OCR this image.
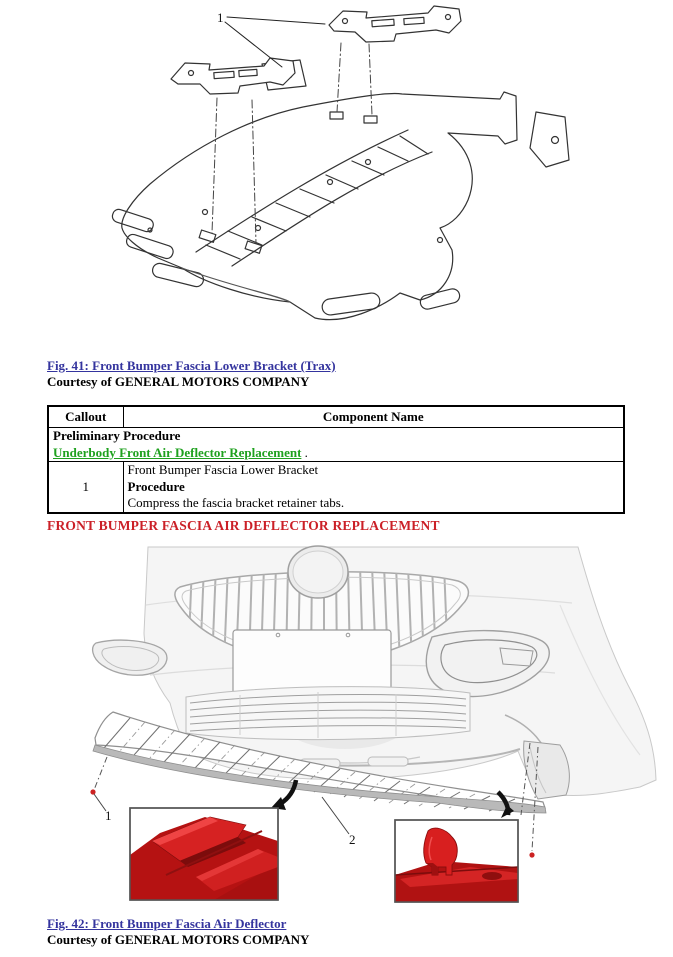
1
Fig. 41: Front Bumper Fascia Lower Bracket (Trax)
Courtesy of GENERAL MOTORS COMPANY
Callout	Component Name

Preliminary Procedure
Underbody Front Air Deflector Replacement .	

1	Front Bumper Fascia Lower Bracket
Procedure
Compress the fascia bracket retainer tabs.
FRONT BUMPER FASCIA AIR DEFLECTOR REPLACEMENT
1
2
Fig. 42: Front Bumper Fascia Air Deflector
Courtesy of GENERAL MOTORS COMPANY
